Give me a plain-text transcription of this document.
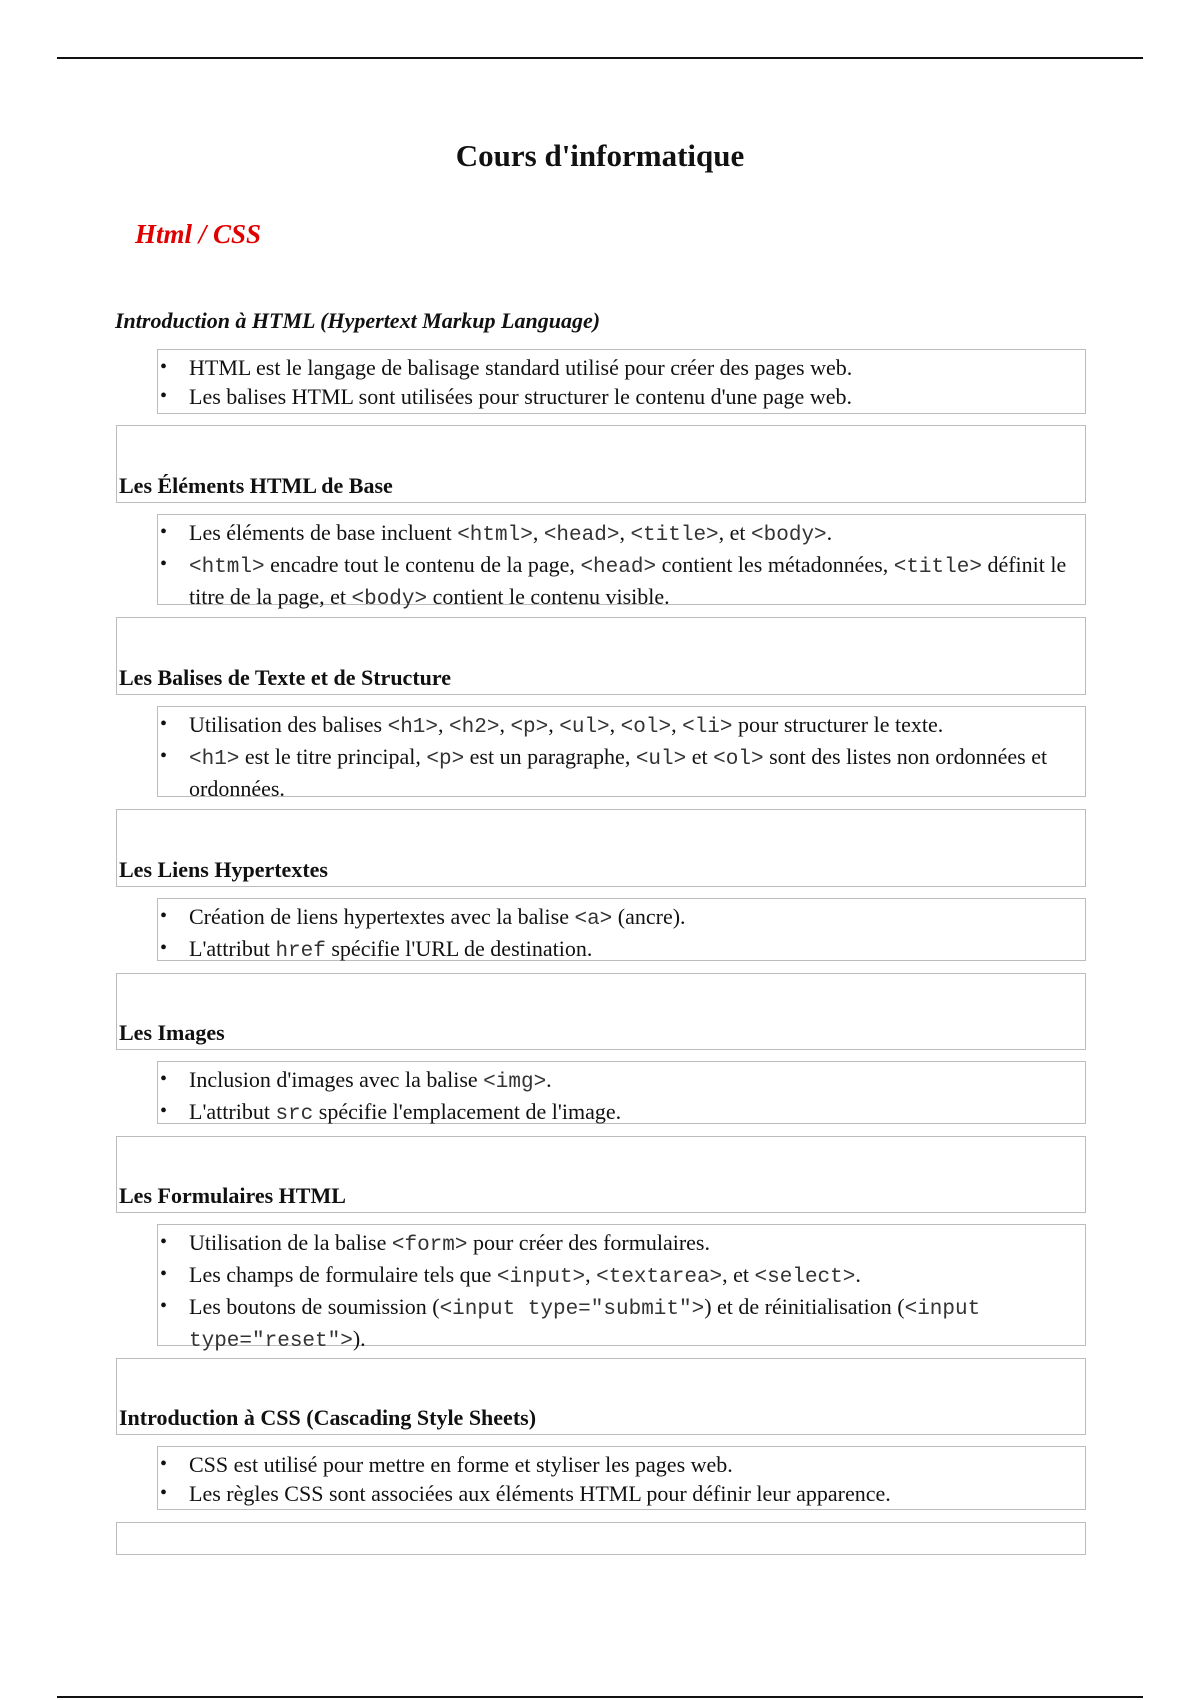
Cours d'informatique
Html / CSS
Introduction à HTML (Hypertext Markup Language)
• HTML est le langage de balisage standard utilisé pour créer des pages web.
• Les balises HTML sont utilisées pour structurer le contenu d'une page web.
Les Éléments HTML de Base
• Les éléments de base incluent <html>, <head>, <title>, et <body>.
• <html> encadre tout le contenu de la page, <head> contient les métadonnées, <title> définit le titre de la page, et <body> contient le contenu visible.
Les Balises de Texte et de Structure
• Utilisation des balises <h1>, <h2>, <p>, <ul>, <ol>, <li> pour structurer le texte.
• <h1> est le titre principal, <p> est un paragraphe, <ul> et <ol> sont des listes non ordonnées et ordonnées.
Les Liens Hypertextes
• Création de liens hypertextes avec la balise <a> (ancre).
• L'attribut href spécifie l'URL de destination.
Les Images
• Inclusion d'images avec la balise <img>.
• L'attribut src spécifie l'emplacement de l'image.
Les Formulaires HTML
• Utilisation de la balise <form> pour créer des formulaires.
• Les champs de formulaire tels que <input>, <textarea>, et <select>.
• Les boutons de soumission (<input type="submit">) et de réinitialisation (<input type="reset">).
Introduction à CSS (Cascading Style Sheets)
• CSS est utilisé pour mettre en forme et styliser les pages web.
• Les règles CSS sont associées aux éléments HTML pour définir leur apparence.
